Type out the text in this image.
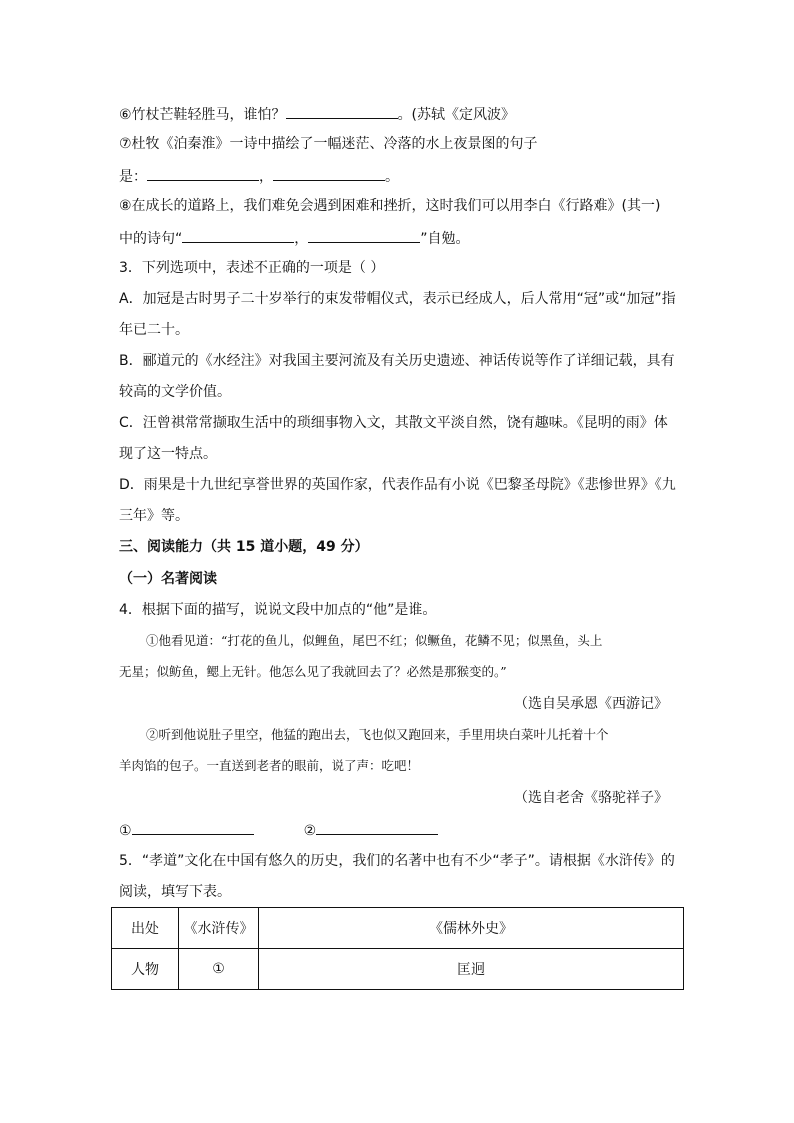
⑥竹杖芒鞋轻胜马，谁怕？	。(苏轼《定风波》
⑦杜牧《泊秦淮》一诗中描绘了一幅迷茫、冷落的水上夜景图的句子
是：	，	。
⑧在成长的道路上，我们难免会遇到困难和挫折，这时我们可以用李白《行路难》(其一)
中的诗句“	，	”自勉。
3．下列选项中，表述不正确的一项是（ ）
A．加冠是古时男子二十岁举行的束发带帽仪式，表示已经成人，后人常用“冠”或“加冠”指
年已二十。
B．郦道元的《水经注》对我国主要河流及有关历史遗迹、神话传说等作了详细记载，具有
较高的文学价值。
C．汪曾祺常常撷取生活中的琐细事物入文，其散文平淡自然，饶有趣味。《昆明的雨》体
现了这一特点。
D．雨果是十九世纪享誉世界的英国作家，代表作品有小说《巴黎圣母院》《悲惨世界》《九
三年》等。
三、阅读能力（共 15 道小题，49 分）
（一）名著阅读
4．根据下面的描写，说说文段中加点的“他”是谁。
①他看见道：“打花的鱼儿，似鲤鱼，尾巴不红；似鳜鱼，花鳞不见；似黑鱼，头上
无星；似鲂鱼，鳃上无针。他怎么见了我就回去了？必然是那猴变的。”
（选自吴承恩《西游记》
②听到他说肚子里空，他猛的跑出去，飞也似又跑回来，手里用块白菜叶儿托着十个
羊肉馅的包子。一直送到老者的眼前，说了声：吃吧！
（选自老舍《骆驼祥子》
①	②
5．“孝道”文化在中国有悠久的历史，我们的名著中也有不少“孝子”。请根据《水浒传》的
阅读，填写下表。
出处	《水浒传》	《儒林外史》
人物	①	匡迥
